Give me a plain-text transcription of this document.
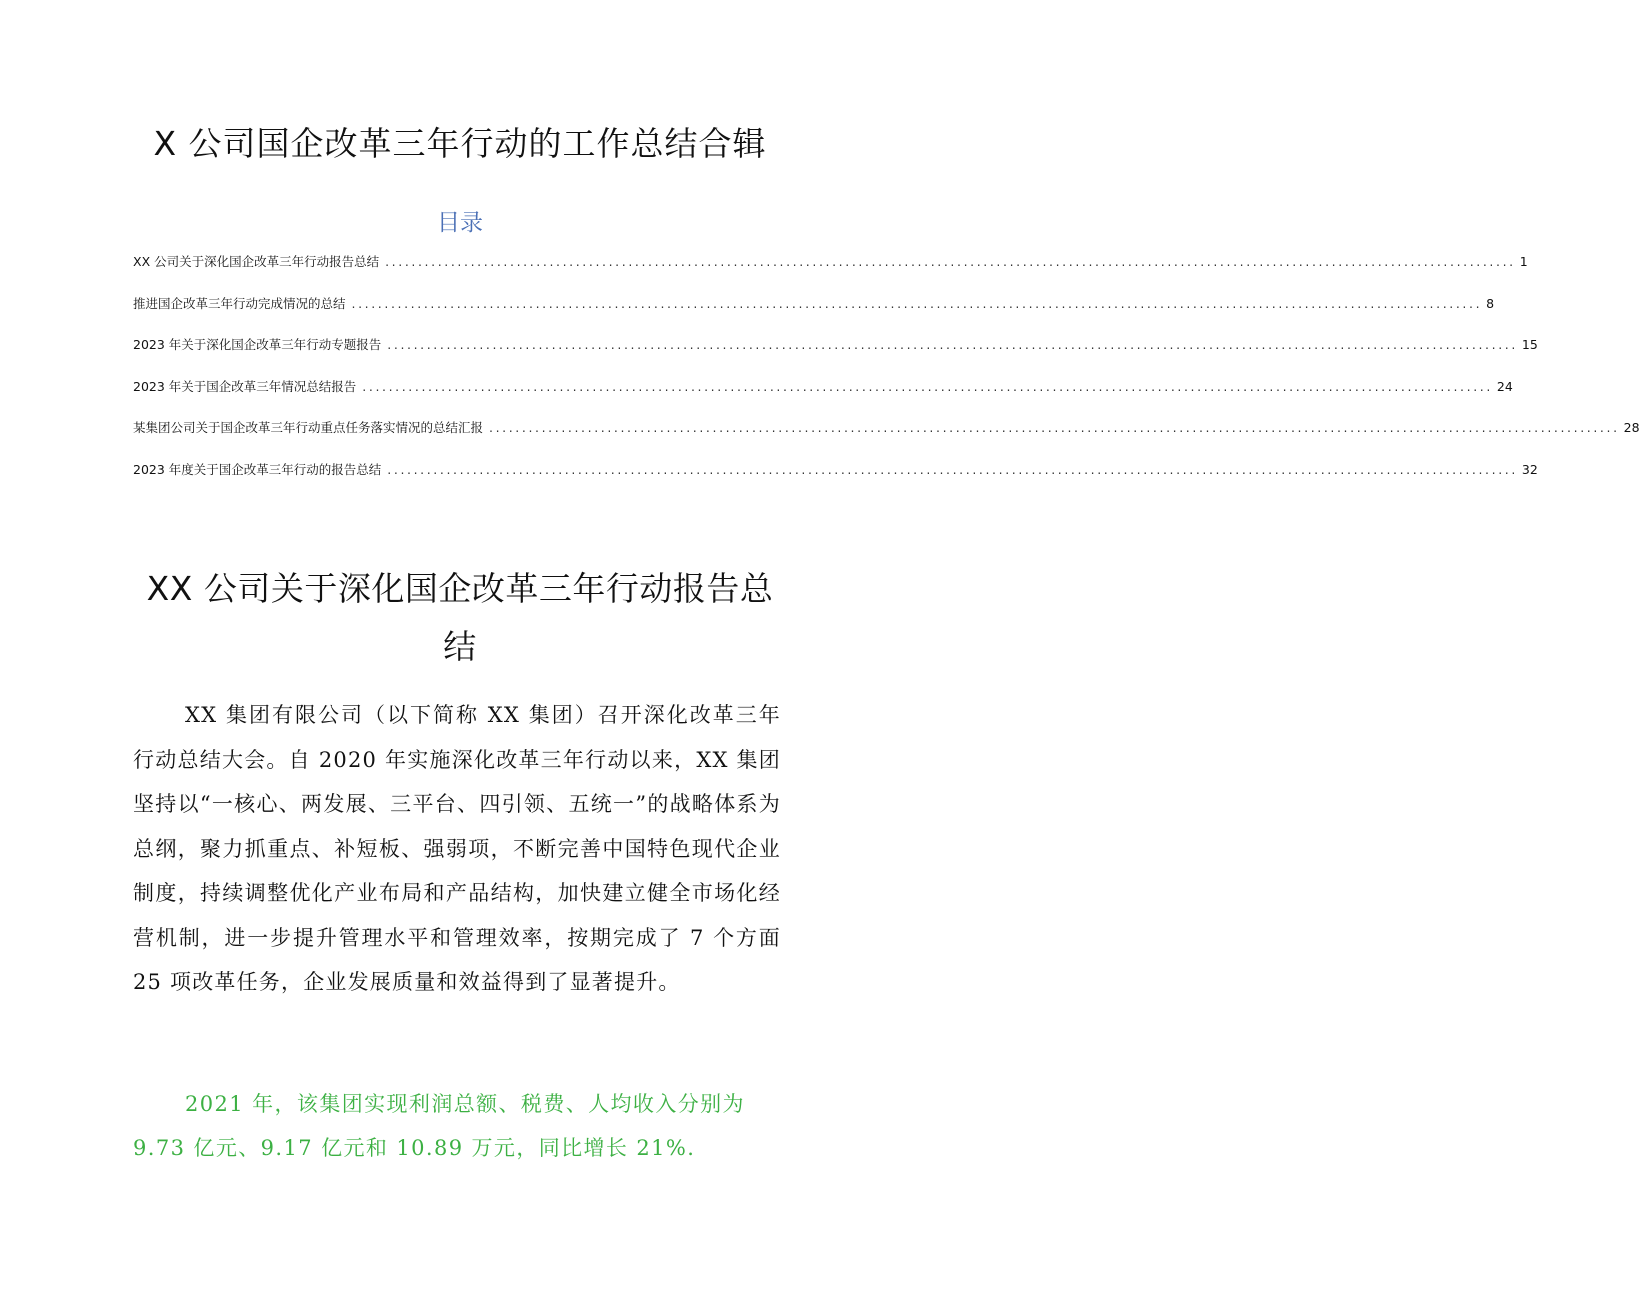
X 公司国企改革三年行动的工作总结合辑
目录
XX 公司关于深化国企改革三年行动报告总结 ............................................................................................................................................................................ 1
推进国企改革三年行动完成情况的总结 ............................................................................................................................................................................ 8
2023 年关于深化国企改革三年行动专题报告 ............................................................................................................................................................................ 15
2023 年关于国企改革三年情况总结报告 ............................................................................................................................................................................ 24
某集团公司关于国企改革三年行动重点任务落实情况的总结汇报 ............................................................................................................................................................................ 28
2023 年度关于国企改革三年行动的报告总结 ............................................................................................................................................................................ 32
XX 公司关于深化国企改革三年行动报告总结
XX 集团有限公司（以下简称 XX 集团）召开深化改革三年行动总结大会。自 2020 年实施深化改革三年行动以来，XX 集团坚持以“一核心、两发展、三平台、四引领、五统一”的战略体系为总纲，聚力抓重点、补短板、强弱项，不断完善中国特色现代企业制度，持续调整优化产业布局和产品结构，加快建立健全市场化经营机制，进一步提升管理水平和管理效率，按期完成了 7 个方面 25 项改革任务，企业发展质量和效益得到了显著提升。
2021 年，该集团实现利润总额、税费、人均收入分别为 9.73 亿元、9.17 亿元和 10.89 万元，同比增长 21%.
